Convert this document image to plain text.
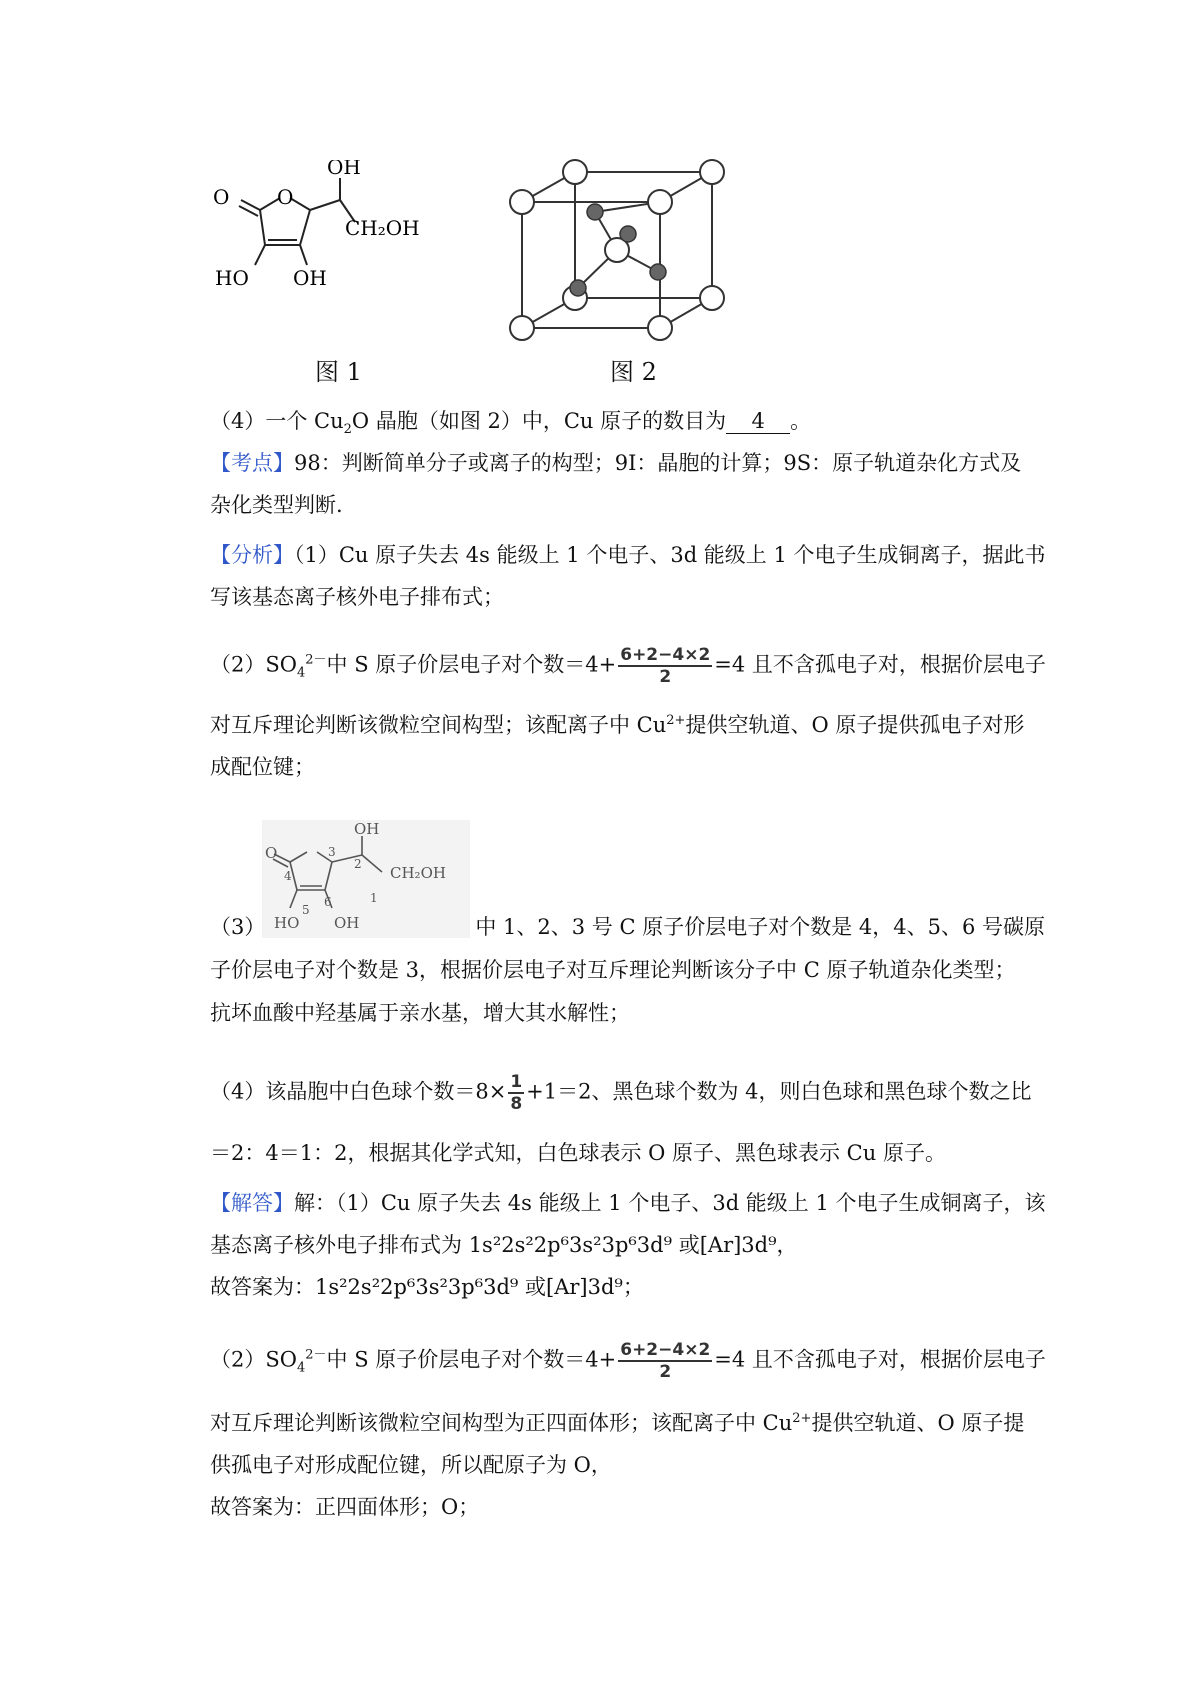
OH
O O
CH₂OH
HO OH
图 1	图 2
（4）一个 $Cu_2O$ 晶胞（如图 2）中，Cu 原子的数目为 4 。
【考点】98：判断简单分子或离子的构型；9I：晶胞的计算；9S：原子轨道杂化方式及
杂化类型判断.
【分析】（1）Cu 原子失去 4s 能级上 1 个电子、3d 能级上 1 个电子生成铜离子，据此书
写该基态离子核外电子排布式；
$(2)SO_4^{2-}$中 S 原子价层电子对个数$=4+ \frac{6+2-4\times 2}{2} =4$ 且不含孤电子对，根据价层电子
对互斥理论判断该微粒空间构型；该配离子中 $Cu^{2+}$提供空轨道、O 原子提供孤电子对形
成配位键；
OH
O
CH₂OH
HO OH
1
2
3
4
5
6
（3）	中 1、2、3 号 C 原子价层电子对个数是 4，4、5、6 号碳原
子价层电子对个数是 3，根据价层电子对互斥理论判断该分子中 C 原子轨道杂化类型；
抗坏血酸中羟基属于亲水基，增大其水解性；
（4）该晶胞中白色球个数$=8\times \frac{1}{8} +1=2$、黑色球个数为 4，则白色球和黑色球个数之比
＝2：4＝1：2，根据其化学式知，白色球表示 O 原子、黑色球表示 Cu 原子。
【解答】解：（1）Cu 原子失去 4s 能级上 1 个电子、3d 能级上 1 个电子生成铜离子，该
基态离子核外电子排布式为 1s²2s²2p⁶3s²3p⁶3d⁹ 或[Ar]3d⁹，
故答案为：1s²2s²2p⁶3s²3p⁶3d⁹ 或[Ar]3d⁹；
$(2)SO_4^{2-}$中 S 原子价层电子对个数$=4+ \frac{6+2-4\times 2}{2} =4$ 且不含孤电子对，根据价层电子
对互斥理论判断该微粒空间构型为正四面体形；该配离子中 $Cu^{2+}$提供空轨道、O 原子提
供孤电子对形成配位键，所以配原子为 O，
故答案为：正四面体形；O；
